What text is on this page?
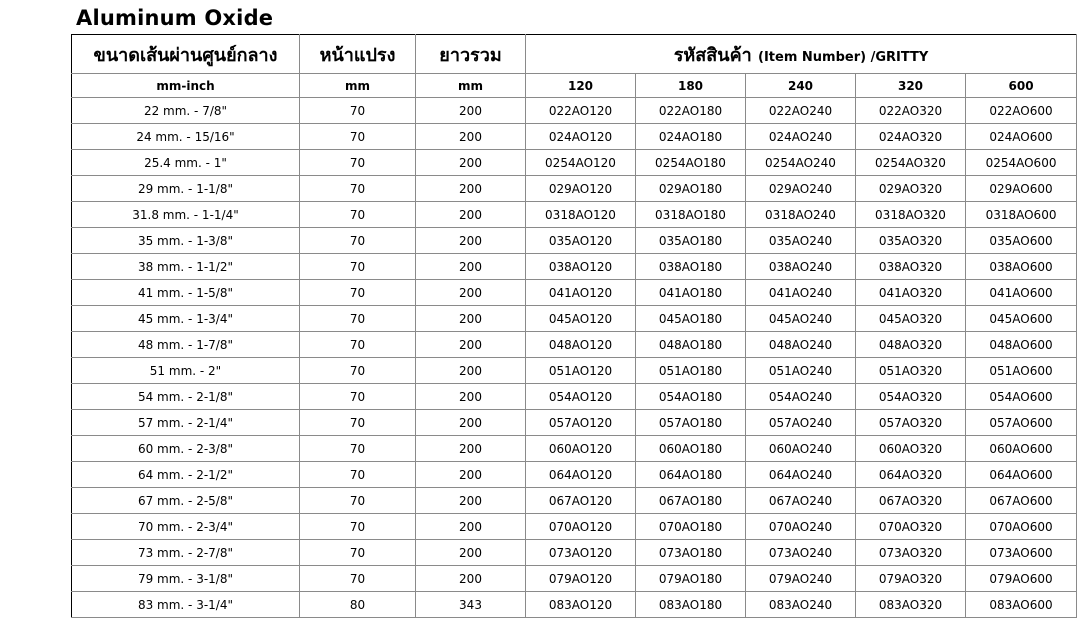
Aluminum Oxide
ขนาดเส้นผ่านศูนย์กลาง	หน้าแปรง	ยาวรวม	รหัสสินค้า (Item Number) /GRITTY				
mm-inch	mm	mm	120	180	240	320	600
22 mm. - 7/8"	70	200	022AO120	022AO180	022AO240	022AO320	022AO600
24 mm. - 15/16"	70	200	024AO120	024AO180	024AO240	024AO320	024AO600
25.4 mm. - 1"	70	200	0254AO120	0254AO180	0254AO240	0254AO320	0254AO600
29 mm. - 1-1/8"	70	200	029AO120	029AO180	029AO240	029AO320	029AO600
31.8 mm. - 1-1/4"	70	200	0318AO120	0318AO180	0318AO240	0318AO320	0318AO600
35 mm. - 1-3/8"	70	200	035AO120	035AO180	035AO240	035AO320	035AO600
38 mm. - 1-1/2"	70	200	038AO120	038AO180	038AO240	038AO320	038AO600
41 mm. - 1-5/8"	70	200	041AO120	041AO180	041AO240	041AO320	041AO600
45 mm. - 1-3/4"	70	200	045AO120	045AO180	045AO240	045AO320	045AO600
48 mm. - 1-7/8"	70	200	048AO120	048AO180	048AO240	048AO320	048AO600
51 mm. - 2"	70	200	051AO120	051AO180	051AO240	051AO320	051AO600
54 mm. - 2-1/8"	70	200	054AO120	054AO180	054AO240	054AO320	054AO600
57 mm. - 2-1/4"	70	200	057AO120	057AO180	057AO240	057AO320	057AO600
60 mm. - 2-3/8"	70	200	060AO120	060AO180	060AO240	060AO320	060AO600
64 mm. - 2-1/2"	70	200	064AO120	064AO180	064AO240	064AO320	064AO600
67 mm. - 2-5/8"	70	200	067AO120	067AO180	067AO240	067AO320	067AO600
70 mm. - 2-3/4"	70	200	070AO120	070AO180	070AO240	070AO320	070AO600
73 mm. - 2-7/8"	70	200	073AO120	073AO180	073AO240	073AO320	073AO600
79 mm. - 3-1/8"	70	200	079AO120	079AO180	079AO240	079AO320	079AO600
83 mm. - 3-1/4"	80	343	083AO120	083AO180	083AO240	083AO320	083AO600
